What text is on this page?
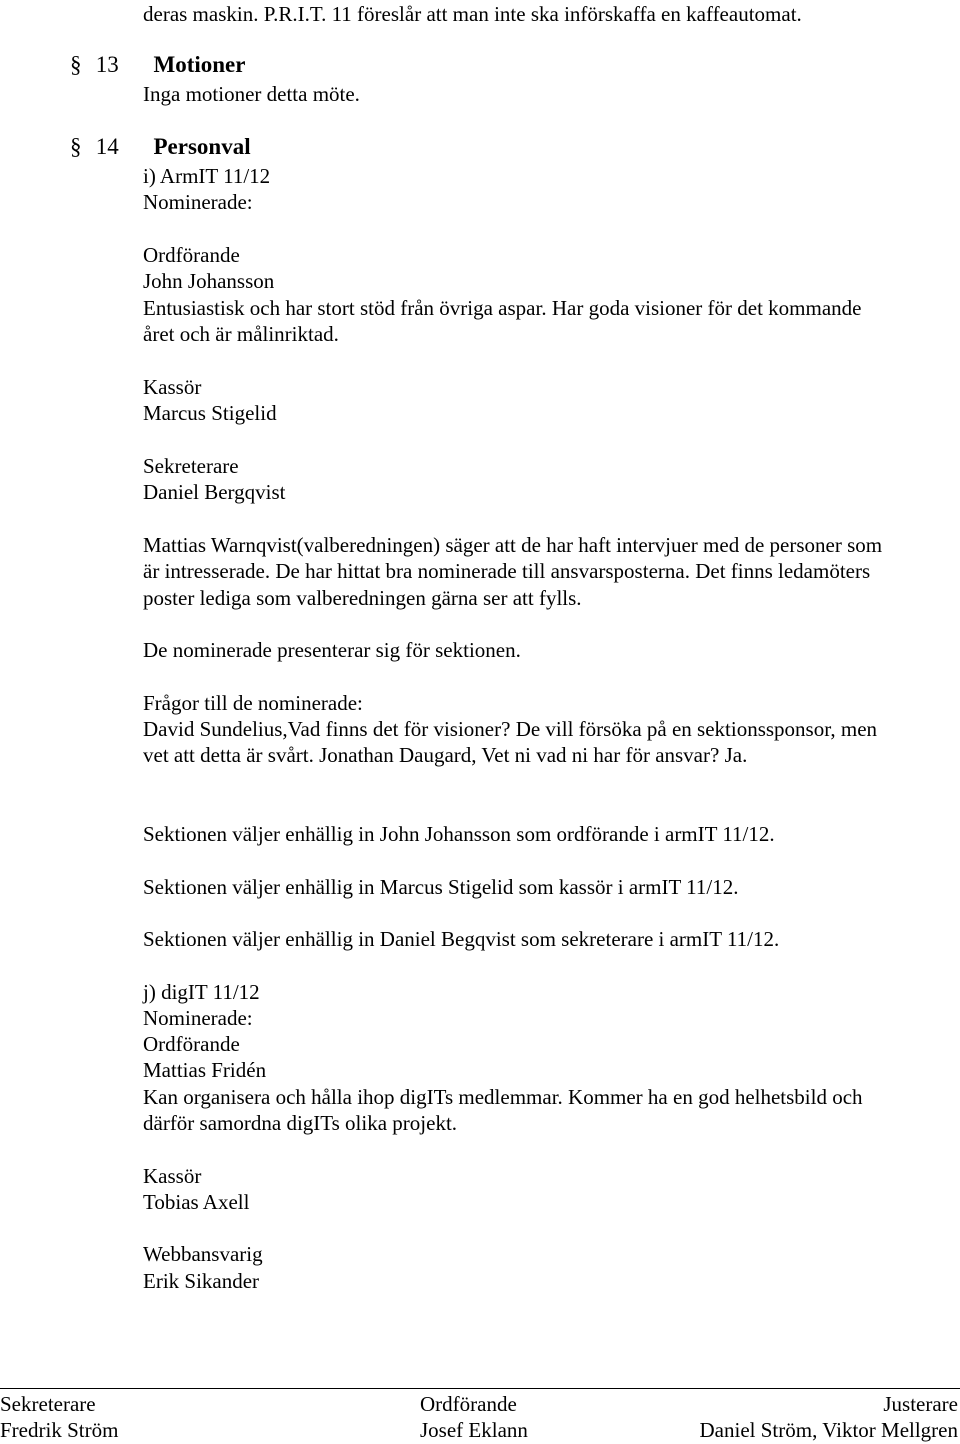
deras maskin. P.R.I.T. 11 föreslår att man inte ska införskaffa en kaffeautomat.
§ 13 Motioner
Inga motioner detta möte.
§ 14 Personval
i) ArmIT 11/12
Nominerade:
Ordförande
John Johansson
Entusiastisk och har stort stöd från övriga aspar. Har goda visioner för det kommande
året och är målinriktad.
Kassör
Marcus Stigelid
Sekreterare
Daniel Bergqvist
Mattias Warnqvist(valberedningen) säger att de har haft intervjuer med de personer som
är intresserade. De har hittat bra nominerade till ansvarsposterna. Det finns ledamöters
poster lediga som valberedningen gärna ser att fylls.
De nominerade presenterar sig för sektionen.
Frågor till de nominerade:
David Sundelius,Vad finns det för visioner? De vill försöka på en sektionssponsor, men
vet att detta är svårt. Jonathan Daugard, Vet ni vad ni har för ansvar? Ja.
Sektionen väljer enhällig in John Johansson som ordförande i armIT 11/12.
Sektionen väljer enhällig in Marcus Stigelid som kassör i armIT 11/12.
Sektionen väljer enhällig in Daniel Begqvist som sekreterare i armIT 11/12.
j) digIT 11/12
Nominerade:
Ordförande
Mattias Fridén
Kan organisera och hålla ihop digITs medlemmar. Kommer ha en god helhetsbild och
därför samordna digITs olika projekt.
Kassör
Tobias Axell
Webbansvarig
Erik Sikander
Sekreterare
Fredrik Ström
Ordförande
Josef Eklann
Justerare
Daniel Ström, Viktor Mellgren
